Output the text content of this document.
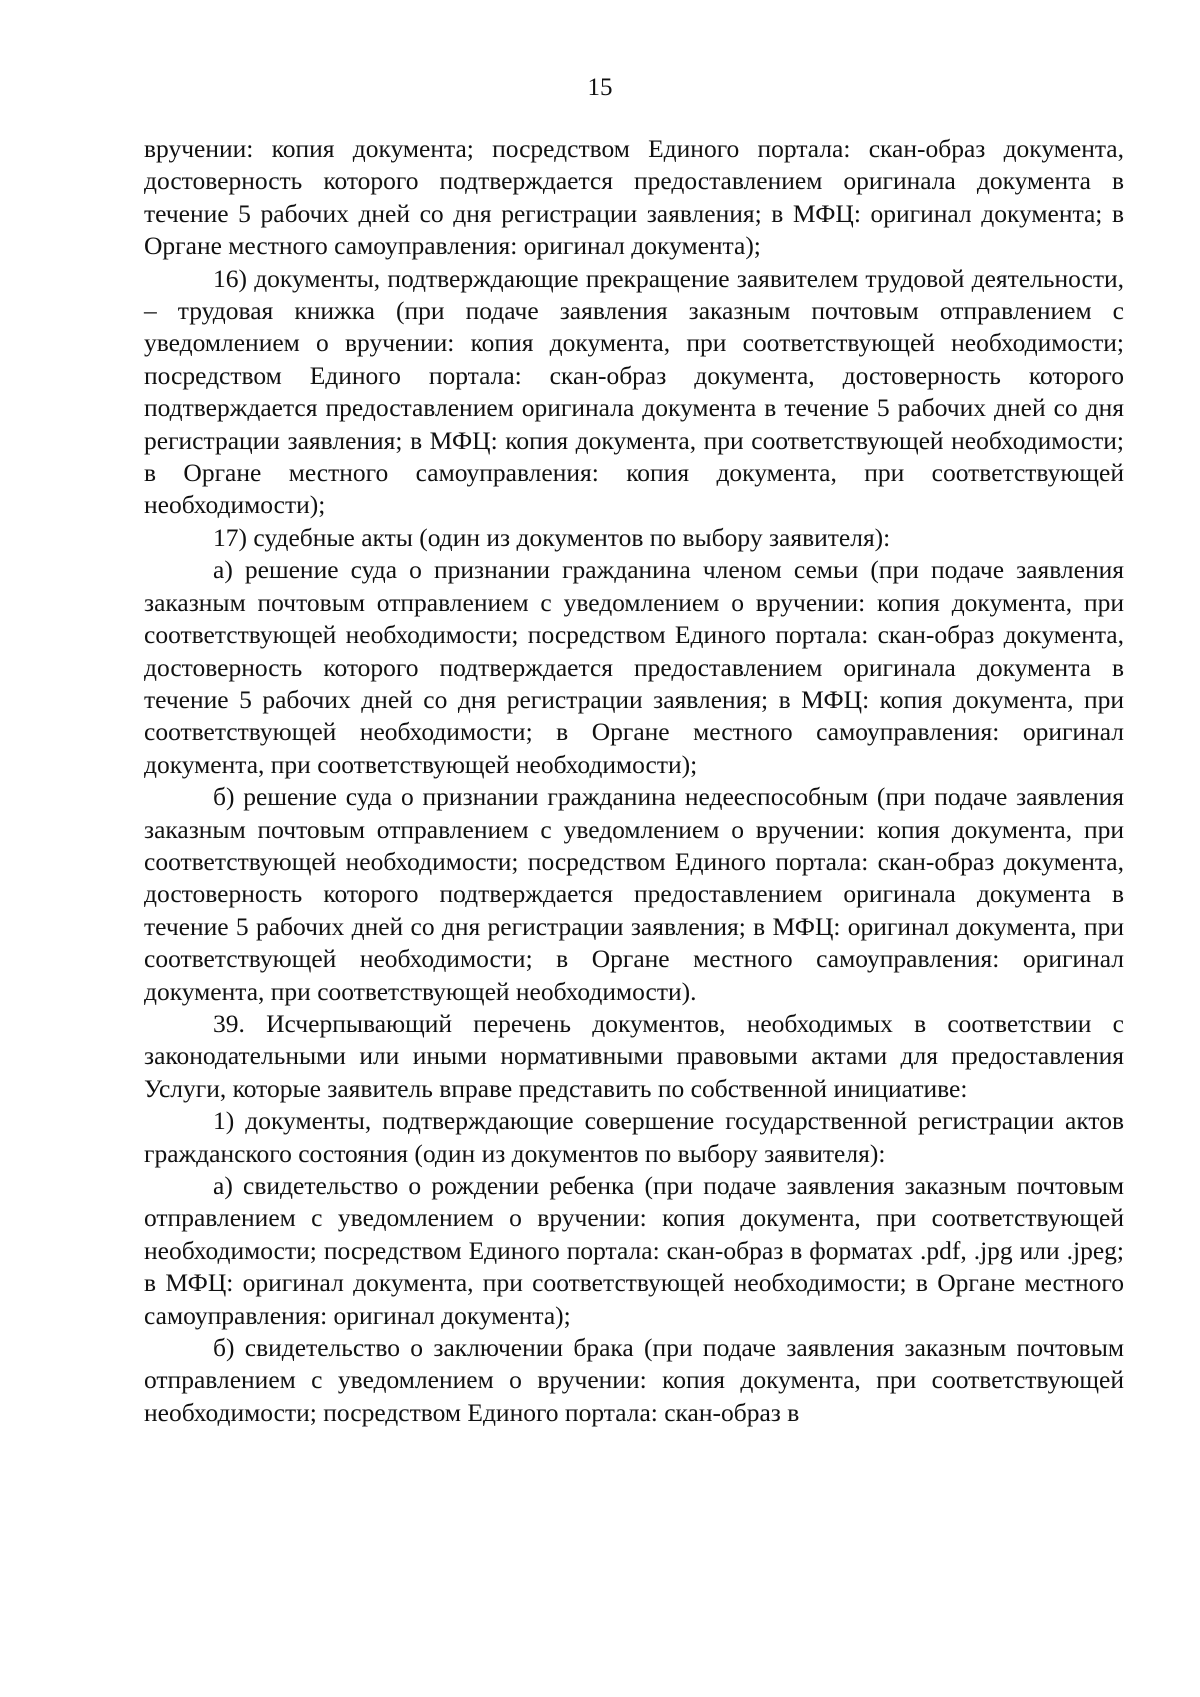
15

вручении: копия документа; посредством Единого портала: скан-образ документа, достоверность которого подтверждается предоставлением оригинала документа в течение 5 рабочих дней со дня регистрации заявления; в МФЦ: оригинал документа; в Органе местного самоуправления: оригинал документа);

16) документы, подтверждающие прекращение заявителем трудовой деятельности, – трудовая книжка (при подаче заявления заказным почтовым отправлением с уведомлением о вручении: копия документа, при соответствующей необходимости; посредством Единого портала: скан-образ документа, достоверность которого подтверждается предоставлением оригинала документа в течение 5 рабочих дней со дня регистрации заявления; в МФЦ: копия документа, при соответствующей необходимости; в Органе местного самоуправления: копия документа, при соответствующей необходимости);

17) судебные акты (один из документов по выбору заявителя):

а) решение суда о признании гражданина членом семьи (при подаче заявления заказным почтовым отправлением с уведомлением о вручении: копия документа, при соответствующей необходимости; посредством Единого портала: скан-образ документа, достоверность которого подтверждается предоставлением оригинала документа в течение 5 рабочих дней со дня регистрации заявления; в МФЦ: копия документа, при соответствующей необходимости; в Органе местного самоуправления: оригинал документа, при соответствующей необходимости);

б) решение суда о признании гражданина недееспособным (при подаче заявления заказным почтовым отправлением с уведомлением о вручении: копия документа, при соответствующей необходимости; посредством Единого портала: скан-образ документа, достоверность которого подтверждается предоставлением оригинала документа в течение 5 рабочих дней со дня регистрации заявления; в МФЦ: оригинал документа, при соответствующей необходимости; в Органе местного самоуправления: оригинал документа, при соответствующей необходимости).

39. Исчерпывающий перечень документов, необходимых в соответствии с законодательными или иными нормативными правовыми актами для предоставления Услуги, которые заявитель вправе представить по собственной инициативе:

1) документы, подтверждающие совершение государственной регистрации актов гражданского состояния (один из документов по выбору заявителя):

а) свидетельство о рождении ребенка (при подаче заявления заказным почтовым отправлением с уведомлением о вручении: копия документа, при соответствующей необходимости; посредством Единого портала: скан-образ в форматах .pdf, .jpg или .jpeg; в МФЦ: оригинал документа, при соответствующей необходимости; в Органе местного самоуправления: оригинал документа);

б) свидетельство о заключении брака (при подаче заявления заказным почтовым отправлением с уведомлением о вручении: копия документа, при соответствующей необходимости; посредством Единого портала: скан-образ в
